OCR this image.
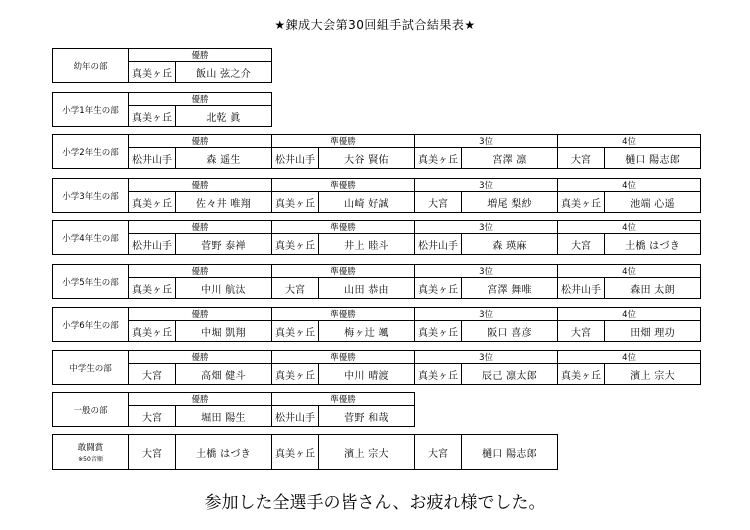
★錬成大会第30回組手試合結果表★
幼年の部	優勝	
	真美ヶ丘	飯山 弦之介
小学1年生の部	優勝	
	真美ヶ丘	北乾 眞
小学2年生の部	優勝		準優勝		3位		4位	
	松井山手	森 遥生	松井山手	大谷 賢佑	真美ヶ丘	宮澤 凛	大宮	樋口 陽志郎
小学3年生の部	優勝		準優勝		3位		4位	
	真美ヶ丘	佐々井 唯翔	真美ヶ丘	山崎 好誠	大宮	増尾 梨紗	真美ヶ丘	池端 心遥
小学4年生の部	優勝		準優勝		3位		4位	
	松井山手	菅野 泰禅	真美ヶ丘	井上 睦斗	松井山手	森 瑛麻	大宮	土橋 はづき
小学5年生の部	優勝		準優勝		3位		4位	
	真美ヶ丘	中川 航汰	大宮	山田 恭由	真美ヶ丘	宮澤 舞唯	松井山手	森田 太朗
小学6年生の部	優勝		準優勝		3位		4位	
	真美ヶ丘	中堀 凱翔	真美ヶ丘	梅ヶ辻 颯	真美ヶ丘	阪口 喜彦	大宮	田畑 理功
中学生の部	優勝		準優勝		3位		4位	
	大宮	高畑 健斗	真美ヶ丘	中川 晴渡	真美ヶ丘	辰己 凛太郎	真美ヶ丘	濱上 宗大
一般の部	優勝		準優勝	
	大宮	堀田 陽生	松井山手	菅野 和哉
敢闘賞
※50音順	大宮	土橋 はづき	真美ヶ丘	濱上 宗大	大宮	樋口 陽志郎
参加した全選手の皆さん、お疲れ様でした。
